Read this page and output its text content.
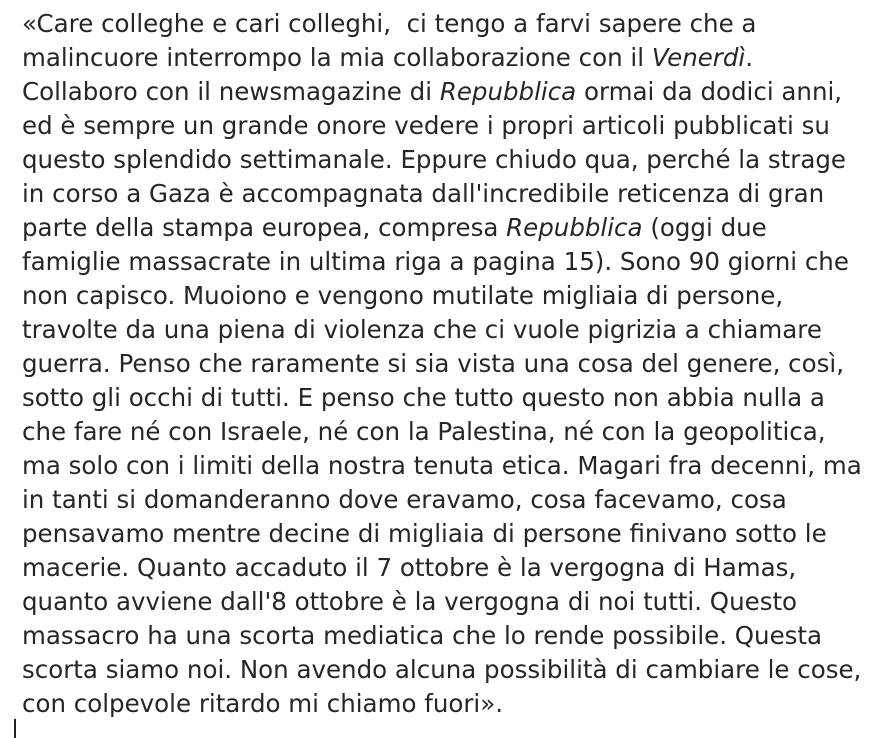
«Care colleghe e cari colleghi,  ci tengo a farvi sapere che a
malincuore interrompo la mia collaborazione con il Venerdì.
Collaboro con il newsmagazine di Repubblica ormai da dodici anni,
ed è sempre un grande onore vedere i propri articoli pubblicati su
questo splendido settimanale. Eppure chiudo qua, perché la strage
in corso a Gaza è accompagnata dall'incredibile reticenza di gran
parte della stampa europea, compresa Repubblica (oggi due
famiglie massacrate in ultima riga a pagina 15). Sono 90 giorni che
non capisco. Muoiono e vengono mutilate migliaia di persone,
travolte da una piena di violenza che ci vuole pigrizia a chiamare
guerra. Penso che raramente si sia vista una cosa del genere, così,
sotto gli occhi di tutti. E penso che tutto questo non abbia nulla a
che fare né con Israele, né con la Palestina, né con la geopolitica,
ma solo con i limiti della nostra tenuta etica. Magari fra decenni, ma
in tanti si domanderanno dove eravamo, cosa facevamo, cosa
pensavamo mentre decine di migliaia di persone finivano sotto le
macerie. Quanto accaduto il 7 ottobre è la vergogna di Hamas,
quanto avviene dall'8 ottobre è la vergogna di noi tutti. Questo
massacro ha una scorta mediatica che lo rende possibile. Questa
scorta siamo noi. Non avendo alcuna possibilità di cambiare le cose,
con colpevole ritardo mi chiamo fuori».
